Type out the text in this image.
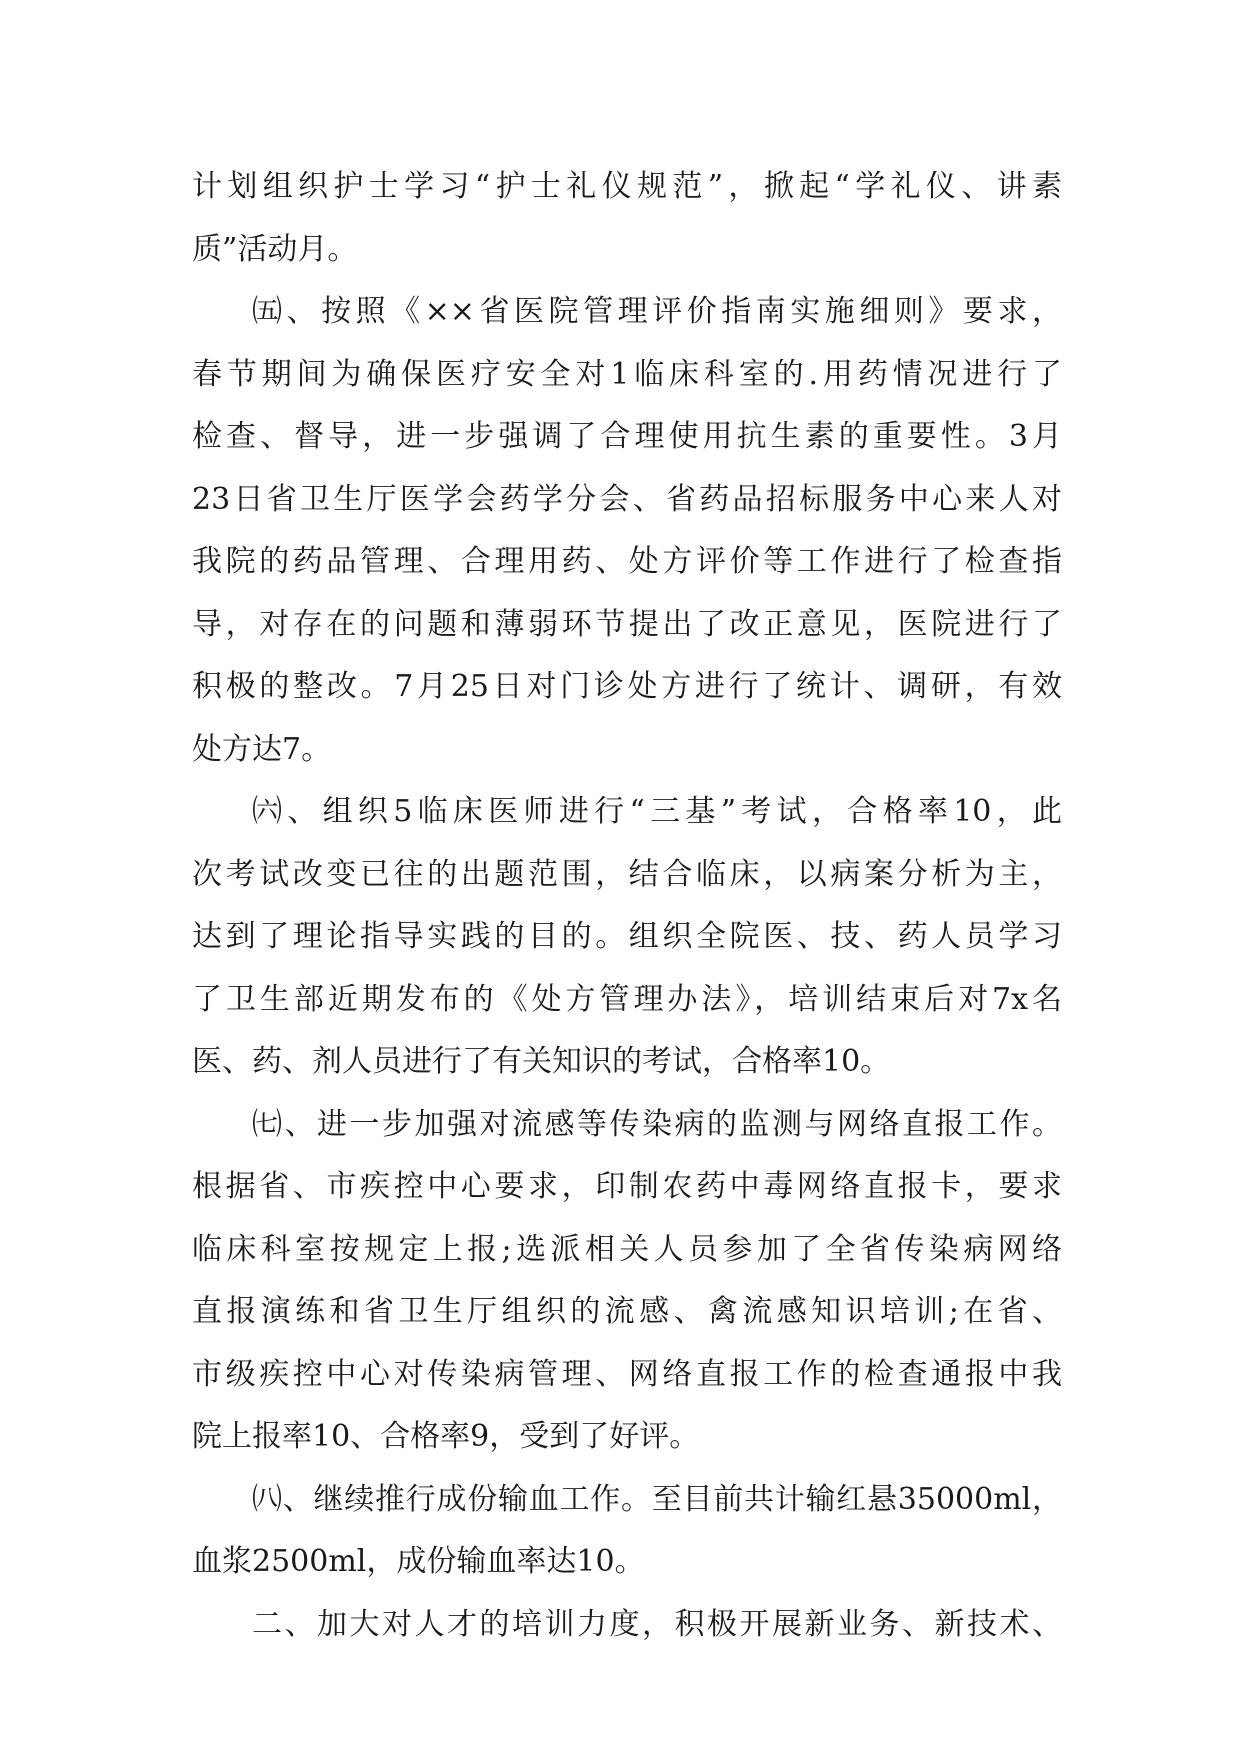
计划组织护士学习“护士礼仪规范”，掀起“学礼仪、讲素
质”活动月。
㈤、按照《××省医院管理评价指南实施细则》要求，
春节期间为确保医疗安全对1临床科室的.用药情况进行了
检查、督导，进一步强调了合理使用抗生素的重要性。3月
23日省卫生厅医学会药学分会、省药品招标服务中心来人对
我院的药品管理、合理用药、处方评价等工作进行了检查指
导，对存在的问题和薄弱环节提出了改正意见，医院进行了
积极的整改。7月25日对门诊处方进行了统计、调研，有效
处方达7。
㈥、组织5临床医师进行“三基”考试，合格率10，此
次考试改变已往的出题范围，结合临床，以病案分析为主，
达到了理论指导实践的目的。组织全院医、技、药人员学习
了卫生部近期发布的《处方管理办法》，培训结束后对7x名
医、药、剂人员进行了有关知识的考试，合格率10。
㈦、进一步加强对流感等传染病的监测与网络直报工作。
根据省、市疾控中心要求，印制农药中毒网络直报卡，要求
临床科室按规定上报;选派相关人员参加了全省传染病网络
直报演练和省卫生厅组织的流感、禽流感知识培训;在省、
市级疾控中心对传染病管理、网络直报工作的检查通报中我
院上报率10、合格率9，受到了好评。
㈧、继续推行成份输血工作。至目前共计输红悬35000ml，
血浆2500ml，成份输血率达10。
二、加大对人才的培训力度，积极开展新业务、新技术、
